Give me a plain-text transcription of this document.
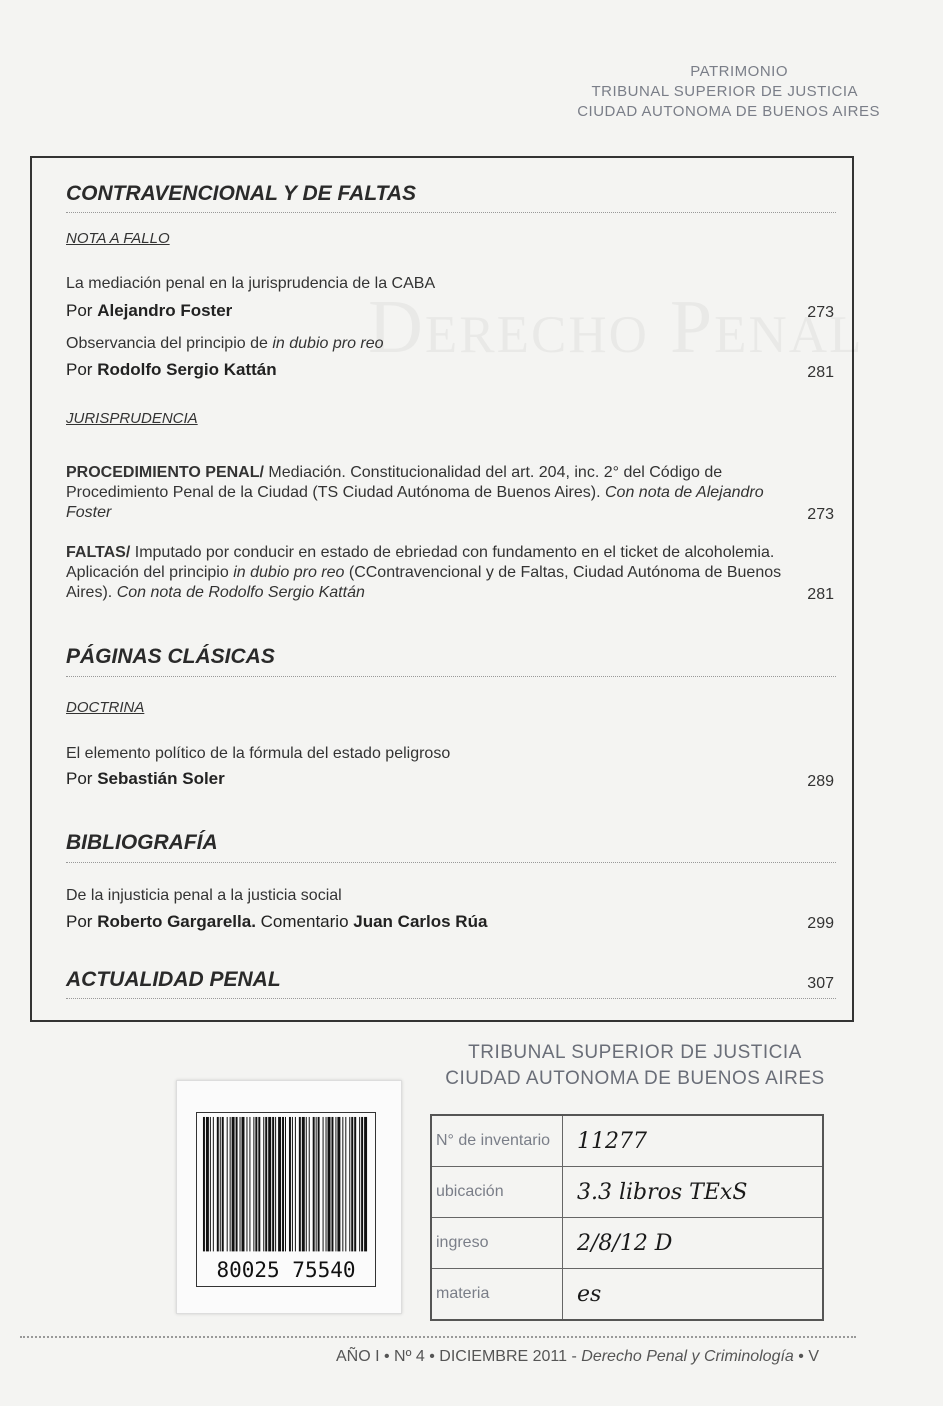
PATRIMONIO
TRIBUNAL SUPERIOR DE JUSTICIA
CIUDAD AUTONOMA DE BUENOS AIRES
CONTRAVENCIONAL Y DE FALTAS
NOTA A FALLO
La mediación penal en la jurisprudencia de la CABA
Por Alejandro Foster	273
Observancia del principio de in dubio pro reo
Por Rodolfo Sergio Kattán	281
JURISPRUDENCIA
PROCEDIMIENTO PENAL/ Mediación. Constitucionalidad del art. 204, inc. 2° del Código de Procedimiento Penal de la Ciudad (TS Ciudad Autónoma de Buenos Aires). Con nota de Alejandro Foster	273
FALTAS/ Imputado por conducir en estado de ebriedad con fundamento en el ticket de alcoholemia. Aplicación del principio in dubio pro reo (CContravencional y de Faltas, Ciudad Autónoma de Buenos Aires). Con nota de Rodolfo Sergio Kattán	281
PÁGINAS CLÁSICAS
DOCTRINA
El elemento político de la fórmula del estado peligroso
Por Sebastián Soler	289
BIBLIOGRAFÍA
De la injusticia penal a la justicia social
Por Roberto Gargarella. Comentario Juan Carlos Rúa	299
ACTUALIDAD PENAL	307
TRIBUNAL SUPERIOR DE JUSTICIA
CIUDAD AUTONOMA DE BUENOS AIRES
80025 75540
N° de inventario	11277
ubicación	3.3 libros TExS
ingreso	2/8/12 D
materia	es
AÑO I • Nº 4 • DICIEMBRE 2011 - Derecho Penal y Criminología • V
